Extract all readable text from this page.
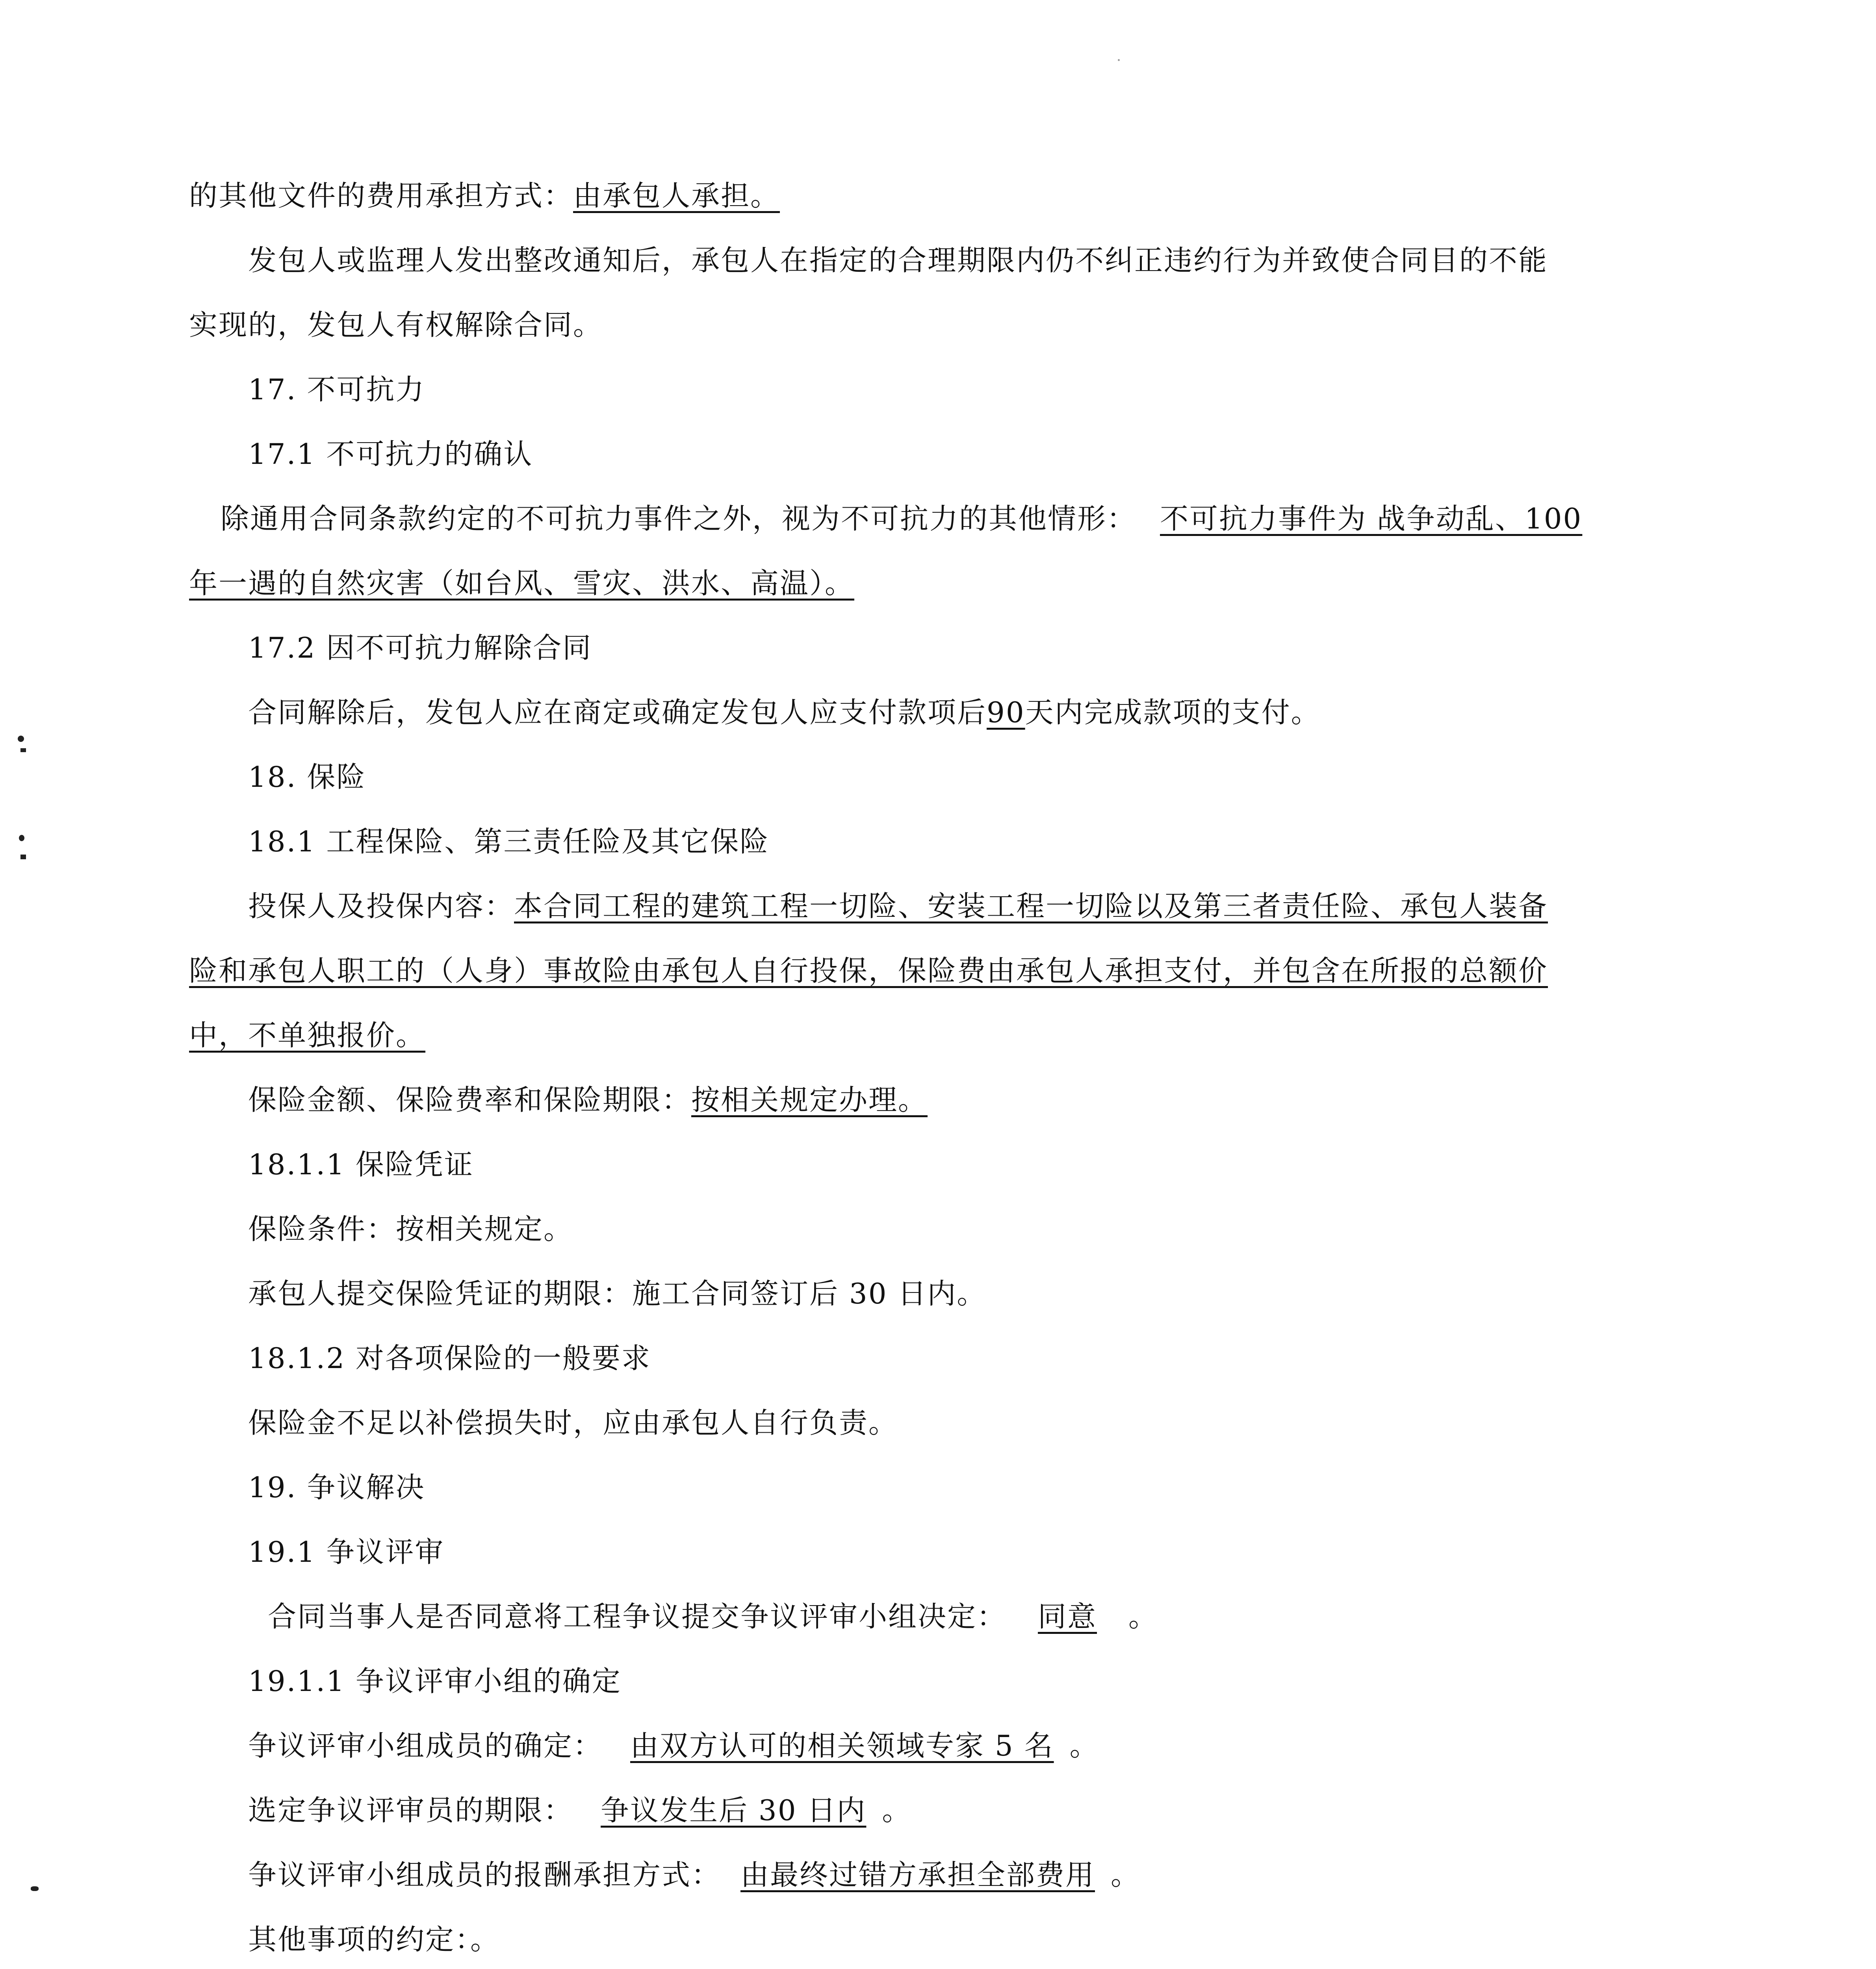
的其他文件的费用承担方式：由承包人承担。
发包人或监理人发出整改通知后，承包人在指定的合理期限内仍不纠正违约行为并致使合同目的不能
实现的，发包人有权解除合同。
17. 不可抗力
17.1 不可抗力的确认
除通用合同条款约定的不可抗力事件之外，视为不可抗力的其他情形： 不可抗力事件为 战争动乱、100
年一遇的自然灾害（如台风、雪灾、洪水、高温）。
17.2 因不可抗力解除合同
合同解除后，发包人应在商定或确定发包人应支付款项后90天内完成款项的支付。
18. 保险
18.1 工程保险、第三责任险及其它保险
投保人及投保内容：本合同工程的建筑工程一切险、安装工程一切险以及第三者责任险、承包人装备
险和承包人职工的（人身）事故险由承包人自行投保，保险费由承包人承担支付，并包含在所报的总额价
中，不单独报价。
保险金额、保险费率和保险期限：按相关规定办理。
18.1.1 保险凭证
保险条件：按相关规定。
承包人提交保险凭证的期限：施工合同签订后 30 日内。
18.1.2 对各项保险的一般要求
保险金不足以补偿损失时，应由承包人自行负责。
19. 争议解决
19.1 争议评审
合同当事人是否同意将工程争议提交争议评审小组决定： 同意 。
19.1.1 争议评审小组的确定
争议评审小组成员的确定： 由双方认可的相关领域专家 5 名 。
选定争议评审员的期限： 争议发生后 30 日内 。
争议评审小组成员的报酬承担方式： 由最终过错方承担全部费用 。
其他事项的约定：。
